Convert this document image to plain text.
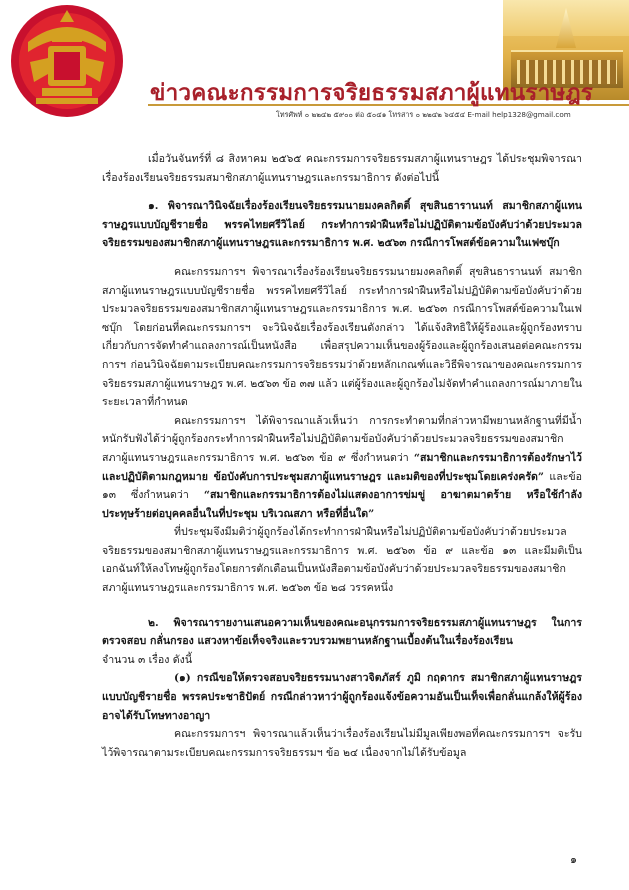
ข่าวคณะกรรมการจริยธรรมสภาผู้แทนราษฎร
โทรศัพท์ ๐ ๒๒๔๒ ๕๙๐๐ ต่อ ๕๐๔๑ โทรสาร ๐ ๒๒๔๒ ๖๔๕๔ E-mail help1328@gmail.com

เมื่อวันจันทร์ที่ ๘ สิงหาคม ๒๕๖๕ คณะกรรมการจริยธรรมสภาผู้แทนราษฎร ได้ประชุมพิจารณาเรื่องร้องเรียนจริยธรรมสมาชิกสภาผู้แทนราษฎรและกรรมาธิการ ดังต่อไปนี้

๑. พิจารณาวินิจฉัยเรื่องร้องเรียนจริยธรรมนายมงคลกิตติ์ สุขสินธารานนท์ สมาชิกสภาผู้แทนราษฎรแบบบัญชีรายชื่อ พรรคไทยศรีวิไลย์ กระทำการฝ่าฝืนหรือไม่ปฏิบัติตามข้อบังคับว่าด้วยประมวลจริยธรรมของสมาชิกสภาผู้แทนราษฎรและกรรมาธิการ พ.ศ. ๒๕๖๓ กรณีการโพสต์ข้อความในเฟซบุ๊ก

คณะกรรมการฯ พิจารณาเรื่องร้องเรียนจริยธรรมนายมงคลกิตติ์ สุขสินธารานนท์ สมาชิกสภาผู้แทนราษฎรแบบบัญชีรายชื่อ พรรคไทยศรีวิไลย์ กระทำการฝ่าฝืนหรือไม่ปฏิบัติตามข้อบังคับว่าด้วยประมวลจริยธรรมของสมาชิกสภาผู้แทนราษฎรและกรรมาธิการ พ.ศ. ๒๕๖๓ กรณีการโพสต์ข้อความในเฟซบุ๊ก โดยก่อนที่คณะกรรมการฯ จะวินิจฉัยเรื่องร้องเรียนดังกล่าว ได้แจ้งสิทธิให้ผู้ร้องและผู้ถูกร้องทราบ เกี่ยวกับการจัดทำคำแถลงการณ์เป็นหนังสือ เพื่อสรุปความเห็นของผู้ร้องและผู้ถูกร้องเสนอต่อคณะกรรมการฯ ก่อนวินิจฉัยตามระเบียบคณะกรรมการจริยธรรมว่าด้วยหลักเกณฑ์และวิธีพิจารณาของคณะกรรมการจริยธรรมสภาผู้แทนราษฎร พ.ศ. ๒๕๖๓ ข้อ ๓๗ แล้ว แต่ผู้ร้องและผู้ถูกร้องไม่จัดทำคำแถลงการณ์มาภายในระยะเวลาที่กำหนด

คณะกรรมการฯ ได้พิจารณาแล้วเห็นว่า การกระทำตามที่กล่าวหามีพยานหลักฐานที่มีน้ำหนักรับฟังได้ว่าผู้ถูกร้องกระทำการฝ่าฝืนหรือไม่ปฏิบัติตามข้อบังคับว่าด้วยประมวลจริยธรรมของสมาชิกสภาผู้แทนราษฎรและกรรมาธิการ พ.ศ. ๒๕๖๓ ข้อ ๙ ซึ่งกำหนดว่า “สมาชิกและกรรมาธิการต้องรักษาไว้และปฏิบัติตามกฎหมาย ข้อบังคับการประชุมสภาผู้แทนราษฎร และมติของที่ประชุมโดยเคร่งครัด” และข้อ ๑๓ ซึ่งกำหนดว่า “สมาชิกและกรรมาธิการต้องไม่แสดงอาการข่มขู่ อาฆาตมาดร้าย หรือใช้กำลังประทุษร้ายต่อบุคคลอื่นในที่ประชุม บริเวณสภา หรือที่อื่นใด”

ที่ประชุมจึงมีมติว่าผู้ถูกร้องได้กระทำการฝ่าฝืนหรือไม่ปฏิบัติตามข้อบังคับว่าด้วยประมวลจริยธรรมของสมาชิกสภาผู้แทนราษฎรและกรรมาธิการ พ.ศ. ๒๕๖๓ ข้อ ๙ และข้อ ๑๓ และมีมติเป็นเอกฉันท์ให้ลงโทษผู้ถูกร้องโดยการตักเตือนเป็นหนังสือตามข้อบังคับว่าด้วยประมวลจริยธรรมของสมาชิกสภาผู้แทนราษฎรและกรรมาธิการ พ.ศ. ๒๕๖๓ ข้อ ๒๘ วรรคหนึ่ง

๒. พิจารณารายงานเสนอความเห็นของคณะอนุกรรมการจริยธรรมสภาผู้แทนราษฎร ในการตรวจสอบ กลั่นกรอง แสวงหาข้อเท็จจริงและรวบรวมพยานหลักฐานเบื้องต้นในเรื่องร้องเรียน

จำนวน ๓ เรื่อง ดังนี้

(๑) กรณีขอให้ตรวจสอบจริยธรรมนางสาวจิตภัสร์ ภูมิ กฤดากร สมาชิกสภาผู้แทนราษฎรแบบบัญชีรายชื่อ พรรคประชาธิปัตย์ กรณีกล่าวหาว่าผู้ถูกร้องแจ้งข้อความอันเป็นเท็จเพื่อกลั่นแกล้งให้ผู้ร้องอาจได้รับโทษทางอาญา

คณะกรรมการฯ พิจารณาแล้วเห็นว่าเรื่องร้องเรียนไม่มีมูลเพียงพอที่คณะกรรมการฯ จะรับไว้พิจารณาตามระเบียบคณะกรรมการจริยธรรมฯ ข้อ ๒๔ เนื่องจากไม่ได้รับข้อมูล

๑
